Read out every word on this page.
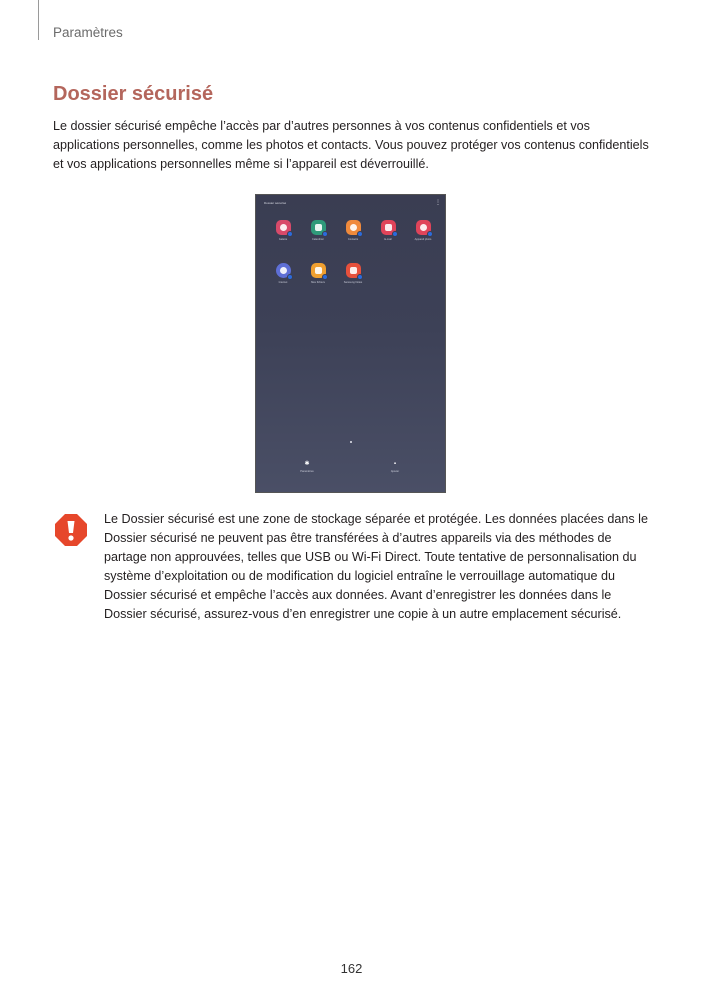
Paramètres
Dossier sécurisé

Le dossier sécurisé empêche l’accès par d’autres personnes à vos contenus confidentiels et vos applications personnelles, comme les photos et contacts. Vous pouvez protéger vos contenus confidentiels et vos applications personnelles même si l’appareil est déverrouillé.

Dossier sécurisé	⋮
Galerie	Calendrier	Contacts	E-mail	Appareil photo
Internet	Mes fichiers	Samsung Notes
✱
Paramètres
▪
Ajouter

Le Dossier sécurisé est une zone de stockage séparée et protégée. Les données placées dans le Dossier sécurisé ne peuvent pas être transférées à d’autres appareils via des méthodes de partage non approuvées, telles que USB ou Wi-Fi Direct. Toute tentative de personnalisation du système d’exploitation ou de modification du logiciel entraîne le verrouillage automatique du Dossier sécurisé et empêche l’accès aux données. Avant d’enregistrer les données dans le Dossier sécurisé, assurez-vous d’en enregistrer une copie à un autre emplacement sécurisé.

162
